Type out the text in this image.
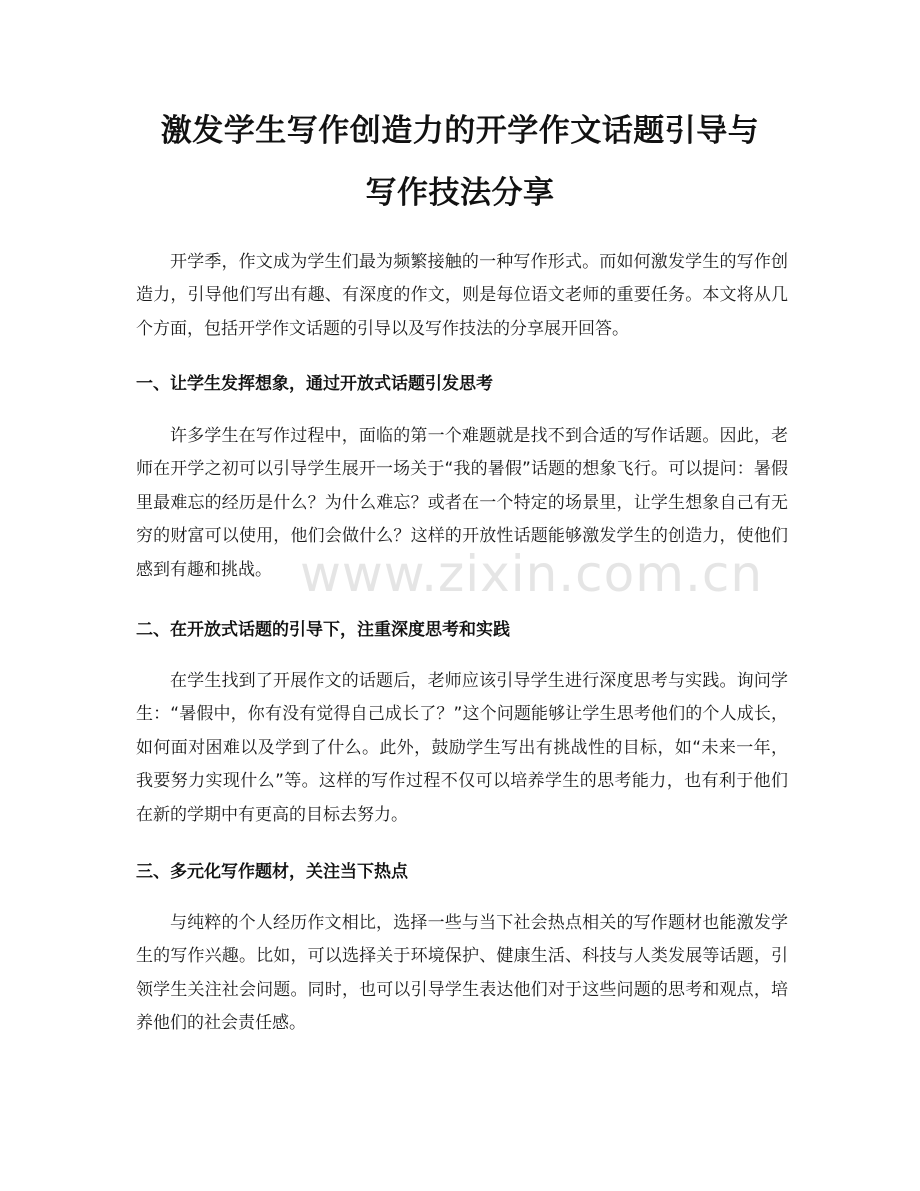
激发学生写作创造力的开学作文话题引导与
写作技法分享

开学季，作文成为学生们最为频繁接触的一种写作形式。而如何激发学生的写作创造力，引导他们写出有趣、有深度的作文，则是每位语文老师的重要任务。本文将从几个方面，包括开学作文话题的引导以及写作技法的分享展开回答。

一、让学生发挥想象，通过开放式话题引发思考

许多学生在写作过程中，面临的第一个难题就是找不到合适的写作话题。因此，老师在开学之初可以引导学生展开一场关于“我的暑假”话题的想象飞行。可以提问：暑假里最难忘的经历是什么？为什么难忘？或者在一个特定的场景里，让学生想象自己有无穷的财富可以使用，他们会做什么？这样的开放性话题能够激发学生的创造力，使他们感到有趣和挑战。

二、在开放式话题的引导下，注重深度思考和实践

在学生找到了开展作文的话题后，老师应该引导学生进行深度思考与实践。询问学生：“暑假中，你有没有觉得自己成长了？”这个问题能够让学生思考他们的个人成长，如何面对困难以及学到了什么。此外，鼓励学生写出有挑战性的目标，如“未来一年，我要努力实现什么”等。这样的写作过程不仅可以培养学生的思考能力，也有利于他们在新的学期中有更高的目标去努力。

三、多元化写作题材，关注当下热点

与纯粹的个人经历作文相比，选择一些与当下社会热点相关的写作题材也能激发学生的写作兴趣。比如，可以选择关于环境保护、健康生活、科技与人类发展等话题，引领学生关注社会问题。同时，也可以引导学生表达他们对于这些问题的思考和观点，培养他们的社会责任感。

www.zixin.com.cn
